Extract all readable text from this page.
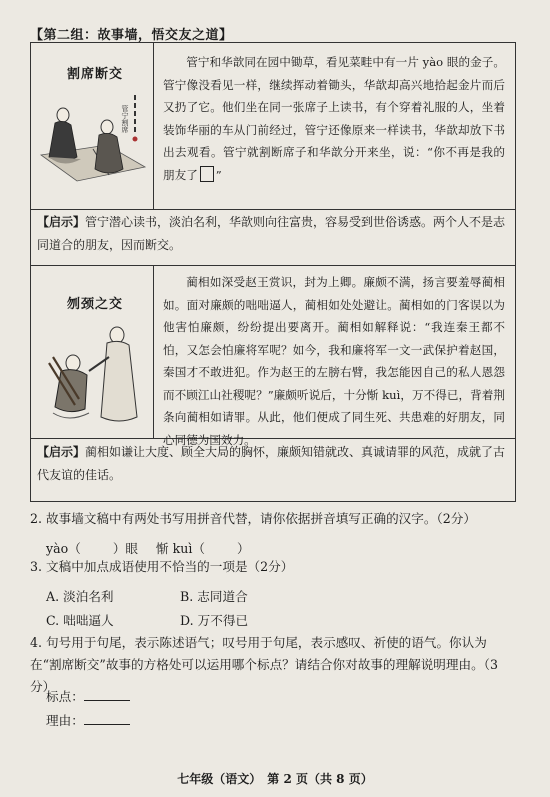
【第二组：故事墙，悟交友之道】
割席断交
管宁割席
管宁和华歆同在园中锄草，看见菜畦中有一片 yào 眼的金子。管宁像没看见一样，继续挥动着锄头，华歆却高兴地拾起金片而后又扔了它。他们坐在同一张席子上读书，有个穿着礼服的人，坐着装饰华丽的车从门前经过，管宁还像原来一样读书，华歆却放下书出去观看。管宁就割断席子和华歆分开来坐，说：“你不再是我的朋友了 ”
【启示】管宁潜心读书，淡泊名利，华歆则向往富贵，容易受到世俗诱惑。两个人不是志同道合的朋友，因而断交。
刎颈之交
蔺相如深受赵王赏识，封为上卿。廉颇不满，扬言要羞辱蔺相如。面对廉颇的咄咄逼人，蔺相如处处避让。蔺相如的门客误以为他害怕廉颇，纷纷提出要离开。蔺相如解释说：“我连秦王都不怕，又怎会怕廉将军呢？如今，我和廉将军一文一武保护着赵国，秦国才不敢进犯。作为赵王的左膀右臂，我怎能因自己的私人恩怨而不顾江山社稷呢？”廉颇听说后，十分惭 kuì，万不得已，背着荆条向蔺相如请罪。从此，他们便成了同生死、共患难的好朋友，同心同德为国效力。
【启示】蔺相如谦让大度、顾全大局的胸怀，廉颇知错就改、真诚请罪的风范，成就了古代友谊的佳话。
2. 故事墙文稿中有两处书写用拼音代替，请你依据拼音填写正确的汉字。（2分）
yào（	）眼 惭 kuì（	）
3. 文稿中加点成语使用不恰当的一项是（2分）
A. 淡泊名利	B. 志同道合
C. 咄咄逼人	D. 万不得已
4. 句号用于句尾，表示陈述语气；叹号用于句尾，表示感叹、祈使的语气。你认为在“割席断交”故事的方格处可以运用哪个标点？请结合你对故事的理解说明理由。（3分）
标点：
理由：
七年级（语文）　第 2 页（共 8 页）
